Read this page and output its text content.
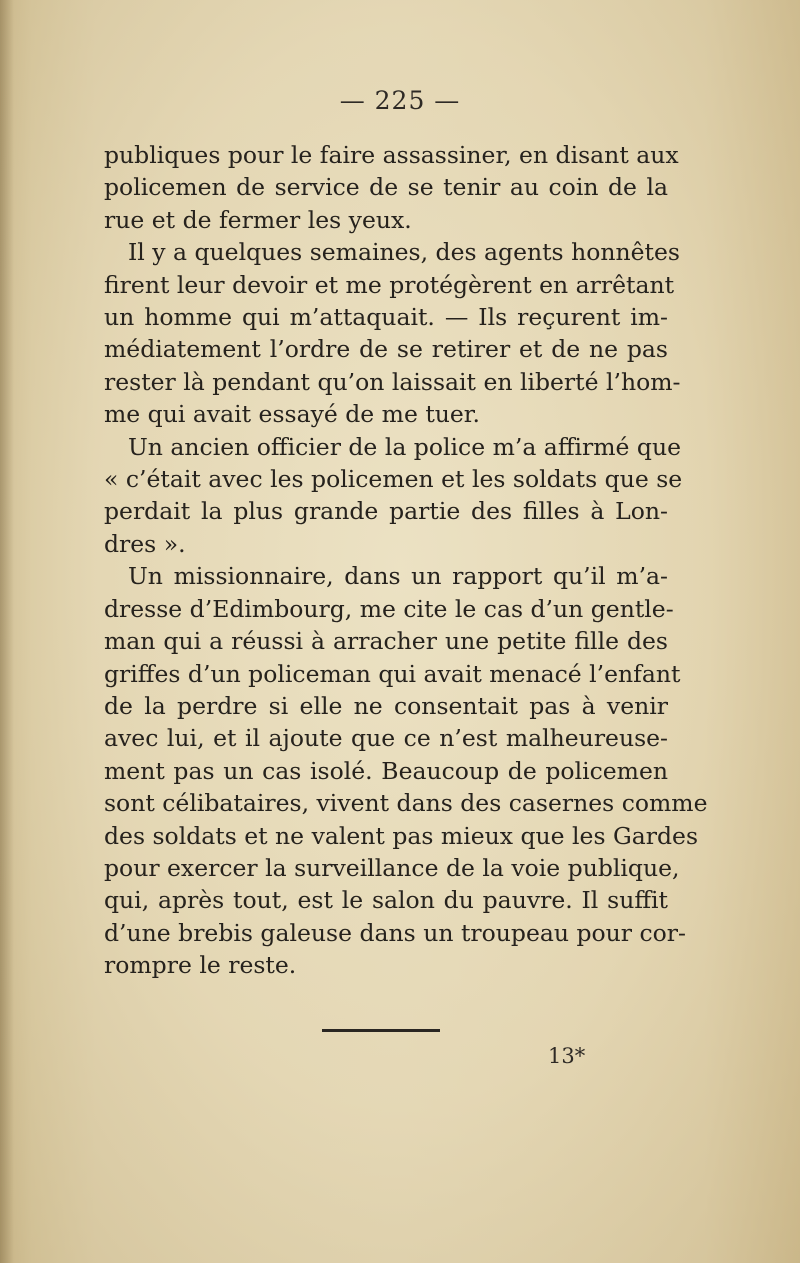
— 225 —
publiques pour le faire assassiner, en disant aux
policemen de service de se tenir au coin de la
rue et de fermer les yeux.
Il y a quelques semaines, des agents honnêtes
firent leur devoir et me protégèrent en arrêtant
un homme qui m’attaquait. — Ils reçurent im-
médiatement l’ordre de se retirer et de ne pas
rester là pendant qu’on laissait en liberté l’hom-
me qui avait essayé de me tuer.
Un ancien officier de la police m’a affirmé que
« c’était avec les policemen et les soldats que se
perdait la plus grande partie des filles à Lon-
dres ».
Un missionnaire, dans un rapport qu’il m’a-
dresse d’Edimbourg, me cite le cas d’un gentle-
man qui a réussi à arracher une petite fille des
griffes d’un policeman qui avait menacé l’enfant
de la perdre si elle ne consentait pas à venir
avec lui, et il ajoute que ce n’est malheureuse-
ment pas un cas isolé. Beaucoup de policemen
sont célibataires, vivent dans des casernes comme
des soldats et ne valent pas mieux que les Gardes
pour exercer la surveillance de la voie publique,
qui, après tout, est le salon du pauvre. Il suffit
d’une brebis galeuse dans un troupeau pour cor-
rompre le reste.
13*
